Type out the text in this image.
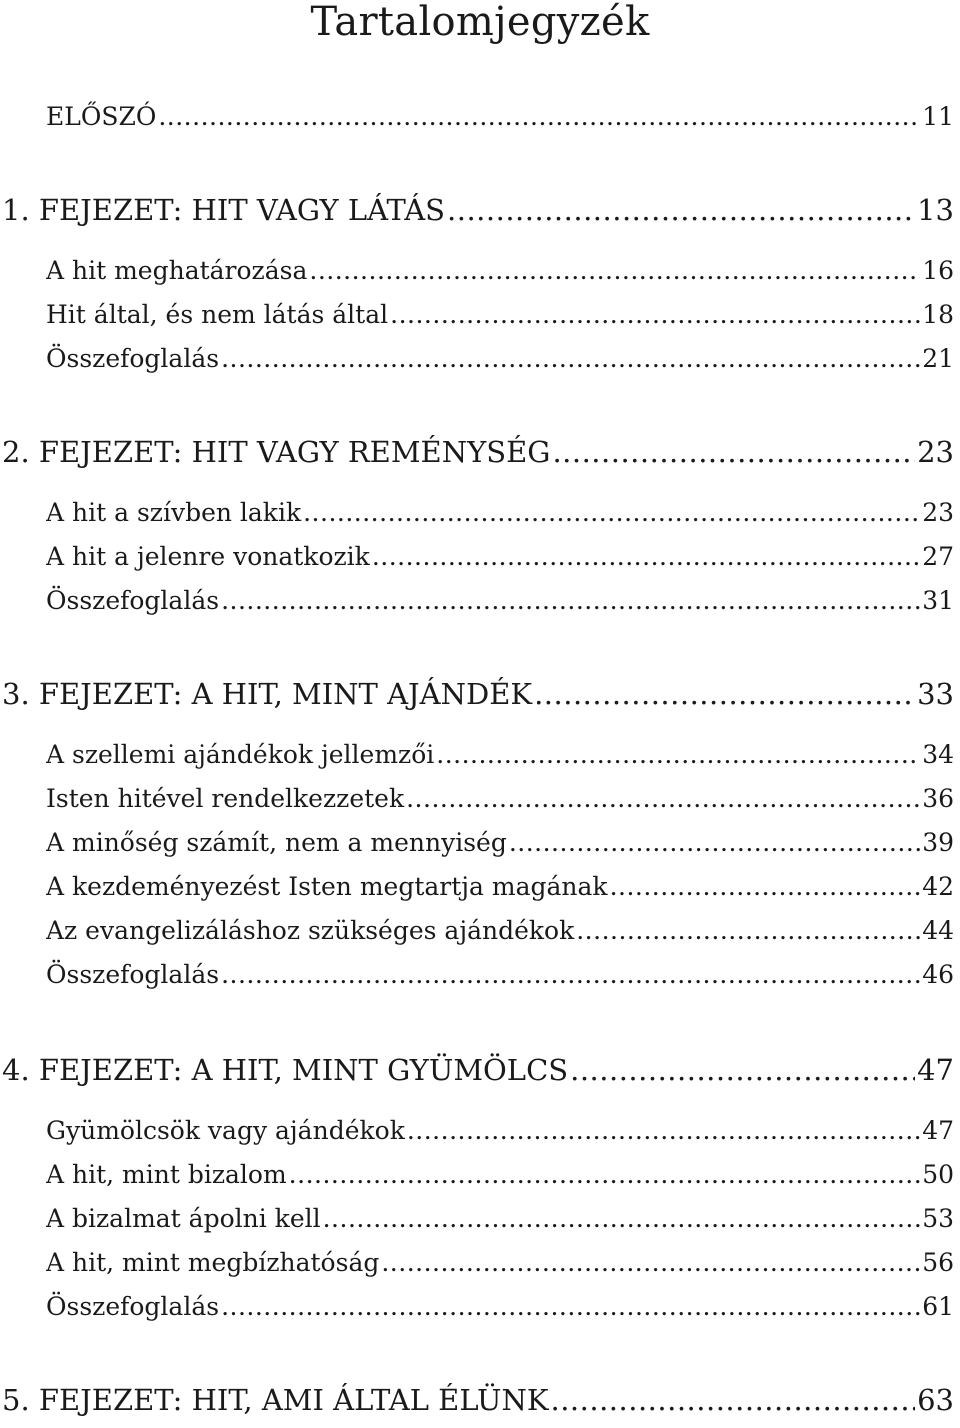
Tartalomjegyzék
ELŐSZÓ .....	11
1. FEJEZET: HIT VAGY LÁTÁS .....	13
A hit meghatározása .....	16
Hit által, és nem látás által .....	18
Összefoglalás .....	21
2. FEJEZET: HIT VAGY REMÉNYSÉG .....	23
A hit a szívben lakik .....	23
A hit a jelenre vonatkozik .....	27
Összefoglalás .....	31
3. FEJEZET: A HIT, MINT AJÁNDÉK .....	33
A szellemi ajándékok jellemzői .....	34
Isten hitével rendelkezzetek .....	36
A minőség számít, nem a mennyiség .....	39
A kezdeményezést Isten megtartja magának .....	42
Az evangelizáláshoz szükséges ajándékok .....	44
Összefoglalás .....	46
4. FEJEZET: A HIT, MINT GYÜMÖLCS .....	47
Gyümölcsök vagy ajándékok .....	47
A hit, mint bizalom .....	50
A bizalmat ápolni kell .....	53
A hit, mint megbízhatóság .....	56
Összefoglalás .....	61
5. FEJEZET: HIT, AMI ÁLTAL ÉLÜNK .....	63
